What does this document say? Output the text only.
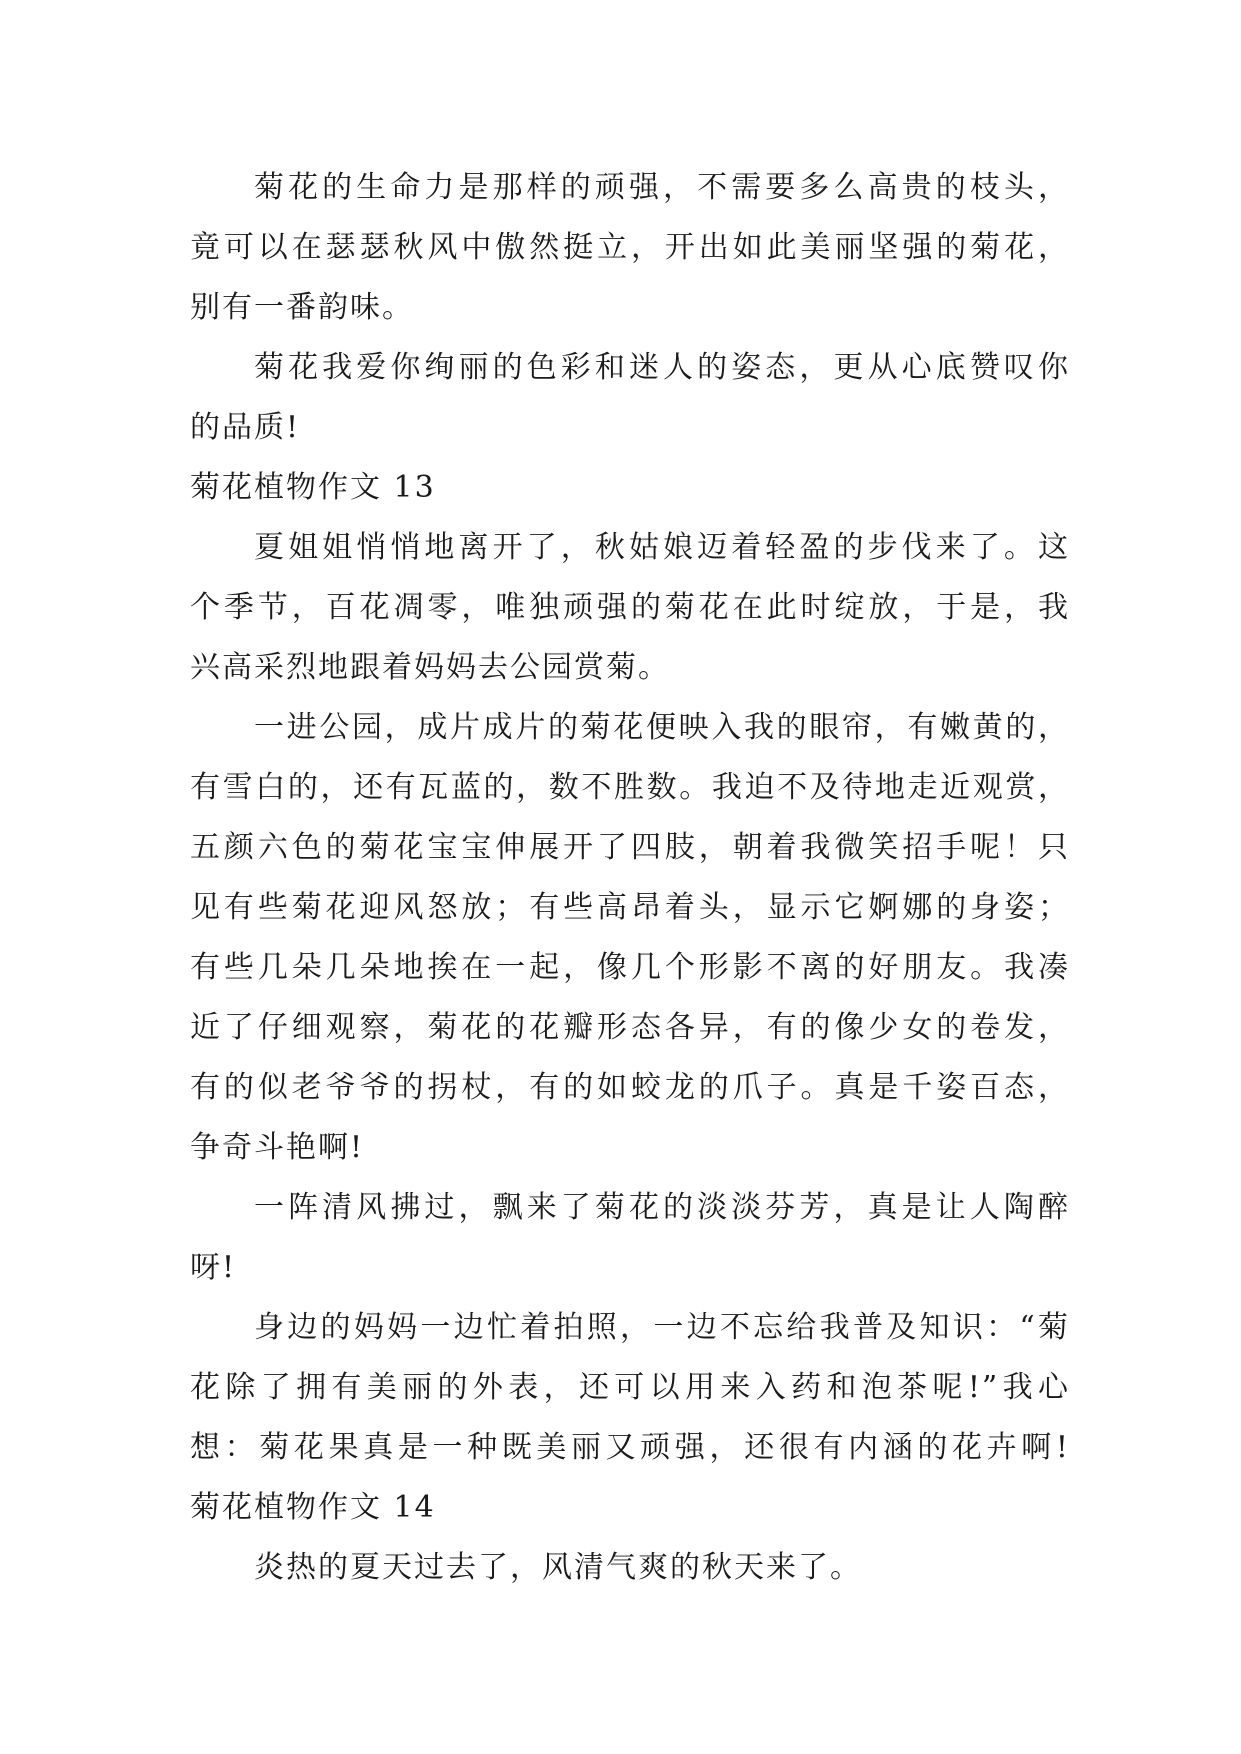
菊花的生命力是那样的顽强，不需要多么高贵的枝头，
竟可以在瑟瑟秋风中傲然挺立，开出如此美丽坚强的菊花，
别有一番韵味。
菊花我爱你绚丽的色彩和迷人的姿态，更从心底赞叹你
的品质!
菊花植物作文 13
夏姐姐悄悄地离开了，秋姑娘迈着轻盈的步伐来了。这
个季节，百花凋零，唯独顽强的菊花在此时绽放，于是，我
兴高采烈地跟着妈妈去公园赏菊。
一进公园，成片成片的菊花便映入我的眼帘，有嫩黄的，
有雪白的，还有瓦蓝的，数不胜数。我迫不及待地走近观赏，
五颜六色的菊花宝宝伸展开了四肢，朝着我微笑招手呢！只
见有些菊花迎风怒放；有些高昂着头，显示它婀娜的身姿；
有些几朵几朵地挨在一起，像几个形影不离的好朋友。我凑
近了仔细观察，菊花的花瓣形态各异，有的像少女的卷发，
有的似老爷爷的拐杖，有的如蛟龙的爪子。真是千姿百态，
争奇斗艳啊!
一阵清风拂过，飘来了菊花的淡淡芬芳，真是让人陶醉
呀!
身边的妈妈一边忙着拍照，一边不忘给我普及知识：“菊
花除了拥有美丽的外表，还可以用来入药和泡茶呢!”我心
想：菊花果真是一种既美丽又顽强，还很有内涵的花卉啊!
菊花植物作文 14
炎热的夏天过去了，风清气爽的秋天来了。
